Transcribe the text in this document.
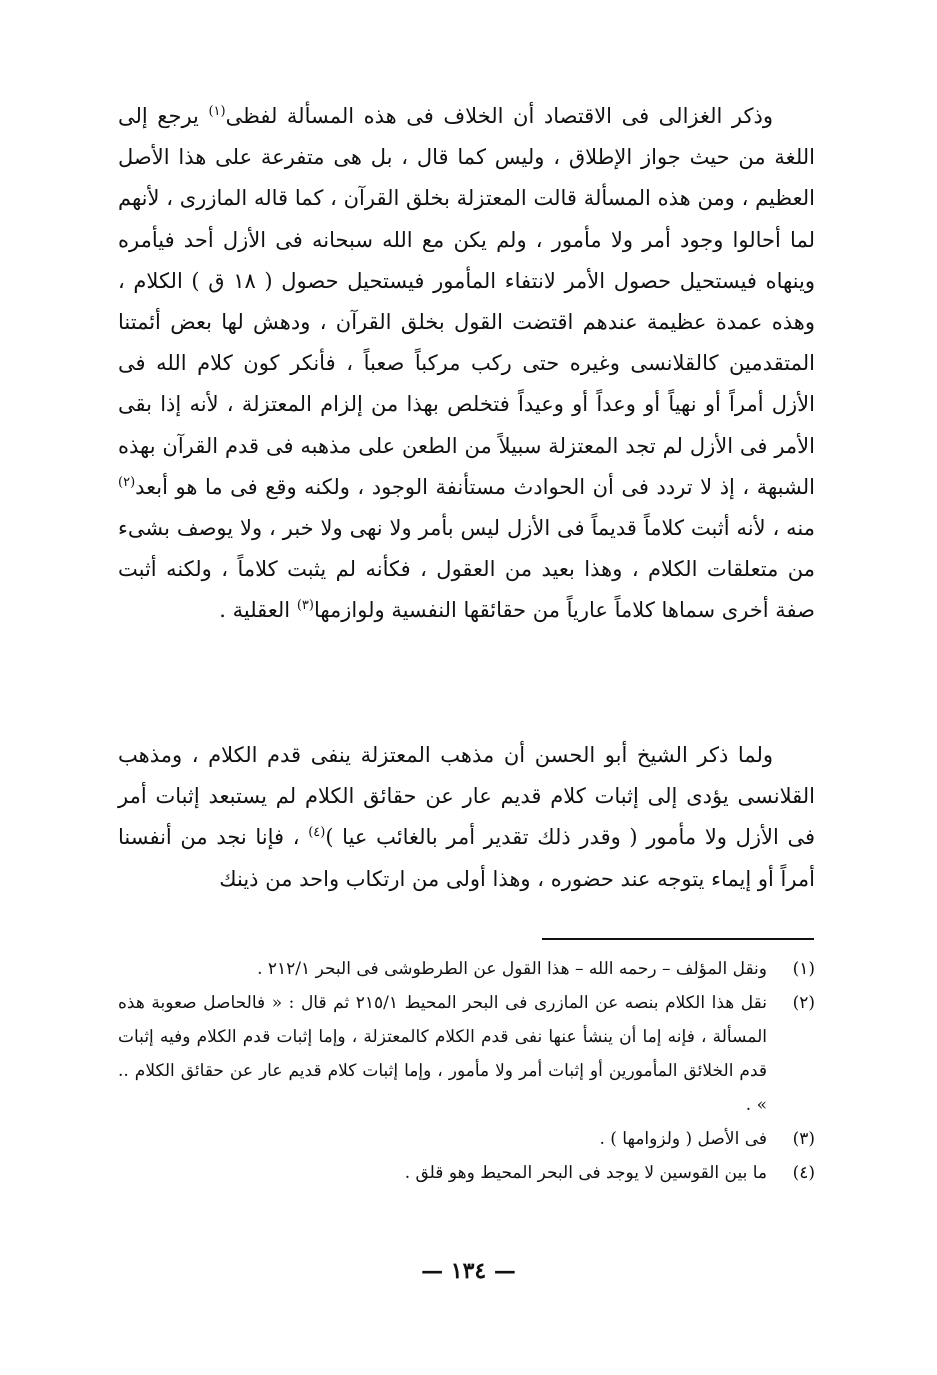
وذكر الغزالى فى الاقتصاد أن الخلاف فى هذه المسألة لفظى$^{(١)}$ يرجع إلى اللغة من حيث جواز الإطلاق ، وليس كما قال ، بل هى متفرعة على هذا الأصل العظيم ، ومن هذه المسألة قالت المعتزلة بخلق القرآن ، كما قاله المازرى ، لأنهم لما أحالوا وجود أمر ولا مأمور ، ولم يكن مع الله سبحانه فى الأزل أحد فيأمره وينهاه فيستحيل حصول الأمر لانتفاء المأمور فيستحيل حصول ( ١٨ ق ) الكلام ، وهذه عمدة عظيمة عندهم اقتضت القول بخلق القرآن ، ودهش لها بعض أئمتنا المتقدمين كالقلانسى وغيره حتى ركب مركباً صعباً ، فأنكر كون كلام الله فى الأزل أمراً أو نهياً أو وعداً أو وعيداً فتخلص بهذا من إلزام المعتزلة ، لأنه إذا بقى الأمر فى الأزل لم تجد المعتزلة سبيلاً من الطعن على مذهبه فى قدم القرآن بهذه الشبهة ، إذ لا تردد فى أن الحوادث مستأنفة الوجود ، ولكنه وقع فى ما هو أبعد$^{(٢)}$ منه ، لأنه أثبت كلاماً قديماً فى الأزل ليس بأمر ولا نهى ولا خبر ، ولا يوصف بشىء من متعلقات الكلام ، وهذا بعيد من العقول ، فكأنه لم يثبت كلاماً ، ولكنه أثبت صفة أخرى سماها كلاماً عارياً من حقائقها النفسية ولوازمها$^{(٣)}$ العقلية .

ولما ذكر الشيخ أبو الحسن أن مذهب المعتزلة ينفى قدم الكلام ، ومذهب القلانسى يؤدى إلى إثبات كلام قديم عار عن حقائق الكلام لم يستبعد إثبات أمر فى الأزل ولا مأمور ( وقدر ذلك تقدير أمر بالغائب عيا )$^{(٤)}$ ، فإنا نجد من أنفسنا أمراً أو إيماء يتوجه عند حضوره ، وهذا أولى من ارتكاب واحد من ذينك

(١)
ونقل المؤلف – رحمه الله – هذا القول عن الطرطوشى فى البحر ٢١٢/١ .
(٢)
نقل هذا الكلام بنصه عن المازرى فى البحر المحيط ٢١٥/١ ثم قال : « فالحاصل صعوبة هذه المسألة ، فإنه إما أن ينشأ عنها نفى قدم الكلام كالمعتزلة ، وإما إثبات قدم الكلام وفيه إثبات قدم الخلائق المأمورين أو إثبات أمر ولا مأمور ، وإما إثبات كلام قديم عار عن حقائق الكلام .. » .
(٣)
فى الأصل ( ولزوامها ) .
(٤)
ما بين القوسين لا يوجد فى البحر المحيط وهو قلق .
— ١٣٤ —
